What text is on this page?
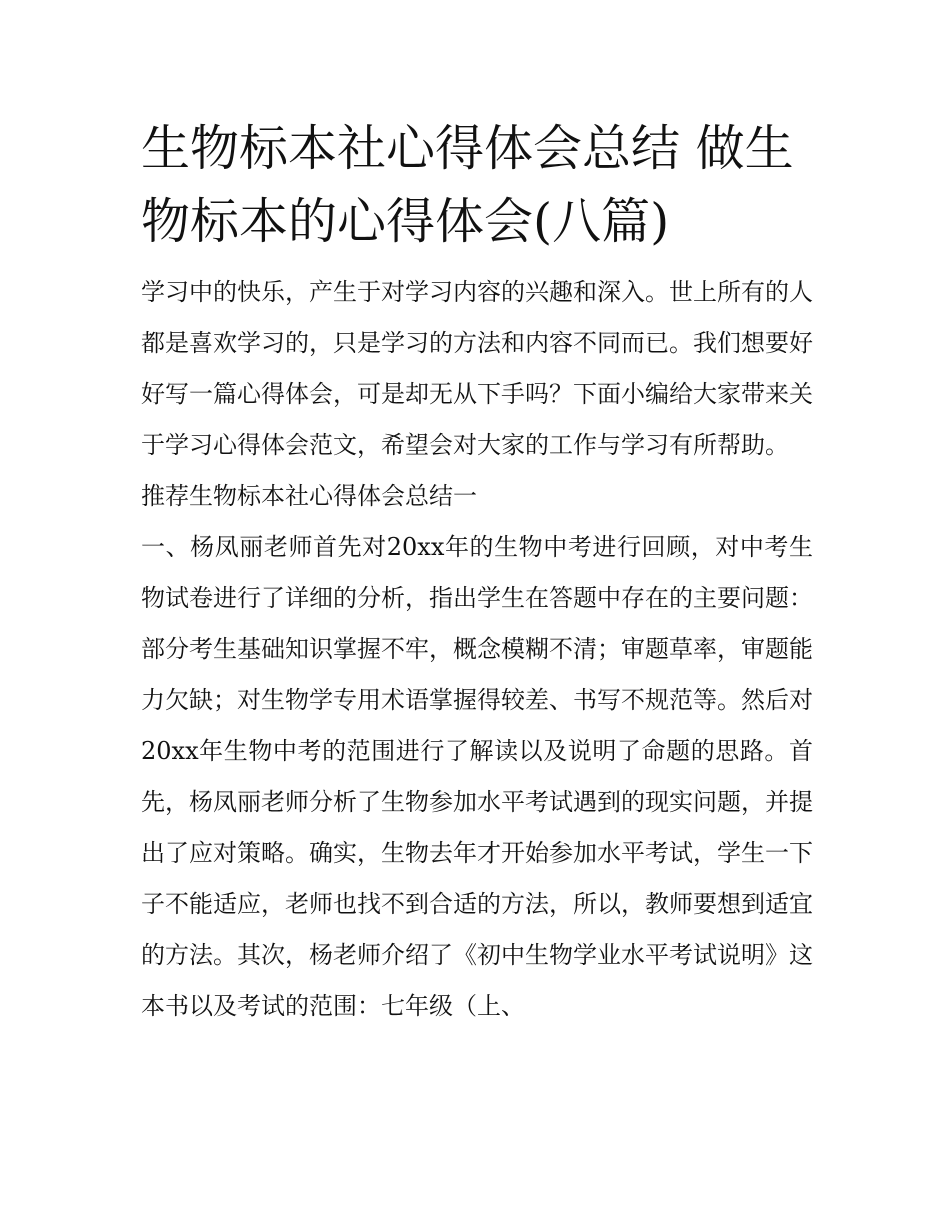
生物标本社心得体会总结 做生物标本的心得体会(八篇)

学习中的快乐，产生于对学习内容的兴趣和深入。世上所有的人都是喜欢学习的，只是学习的方法和内容不同而已。我们想要好好写一篇心得体会，可是却无从下手吗？下面小编给大家带来关于学习心得体会范文，希望会对大家的工作与学习有所帮助。

推荐生物标本社心得体会总结一

一、杨凤丽老师首先对20xx年的生物中考进行回顾，对中考生物试卷进行了详细的分析，指出学生在答题中存在的主要问题：部分考生基础知识掌握不牢，概念模糊不清；审题草率，审题能力欠缺；对生物学专用术语掌握得较差、书写不规范等。然后对20xx年生物中考的范围进行了解读以及说明了命题的思路。首先，杨凤丽老师分析了生物参加水平考试遇到的现实问题，并提出了应对策略。确实，生物去年才开始参加水平考试，学生一下子不能适应，老师也找不到合适的方法，所以，教师要想到适宜的方法。其次，杨老师介绍了《初中生物学业水平考试说明》这本书以及考试的范围：七年级（上、
